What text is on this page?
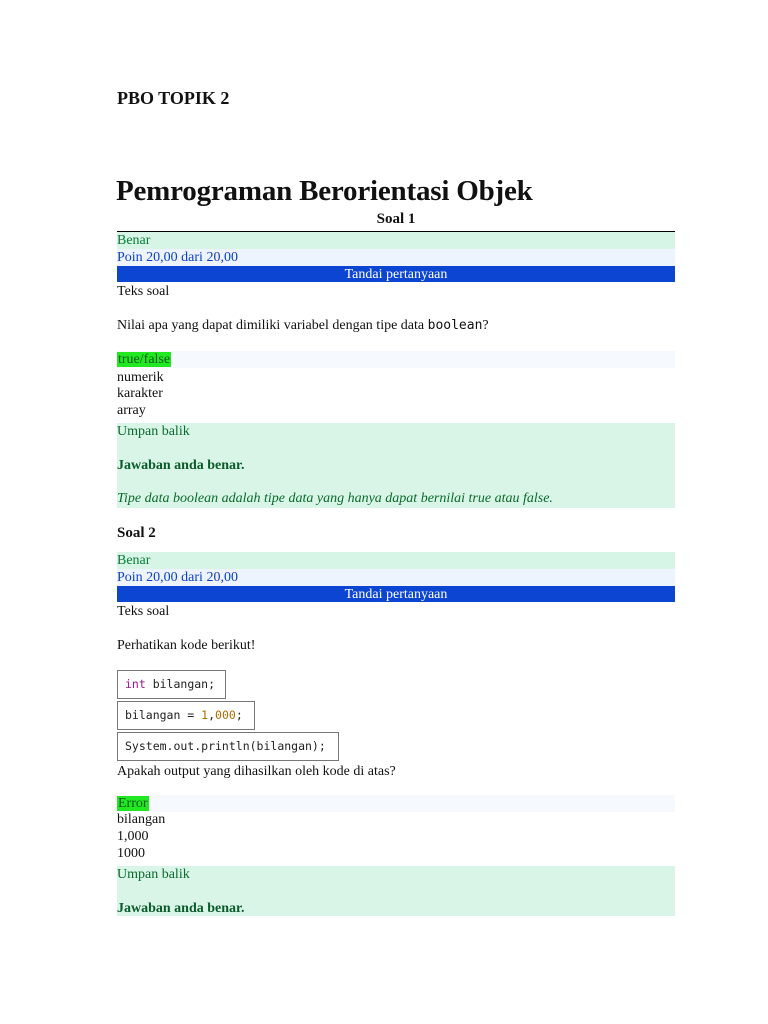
PBO TOPIK 2
Pemrograman Berorientasi Objek
Soal 1
Benar
Poin 20,00 dari 20,00
Tandai pertanyaan
Teks soal
Nilai apa yang dapat dimiliki variabel dengan tipe data boolean?
true/false
numerik
karakter
array
Umpan balik
Jawaban anda benar.
Tipe data boolean adalah tipe data yang hanya dapat bernilai true atau false.
Soal 2
Benar
Poin 20,00 dari 20,00
Tandai pertanyaan
Teks soal
Perhatikan kode berikut!
int bilangan;
bilangan = 1,000;
System.out.println(bilangan);
Apakah output yang dihasilkan oleh kode di atas?
Error
bilangan
1,000
1000
Umpan balik
Jawaban anda benar.
